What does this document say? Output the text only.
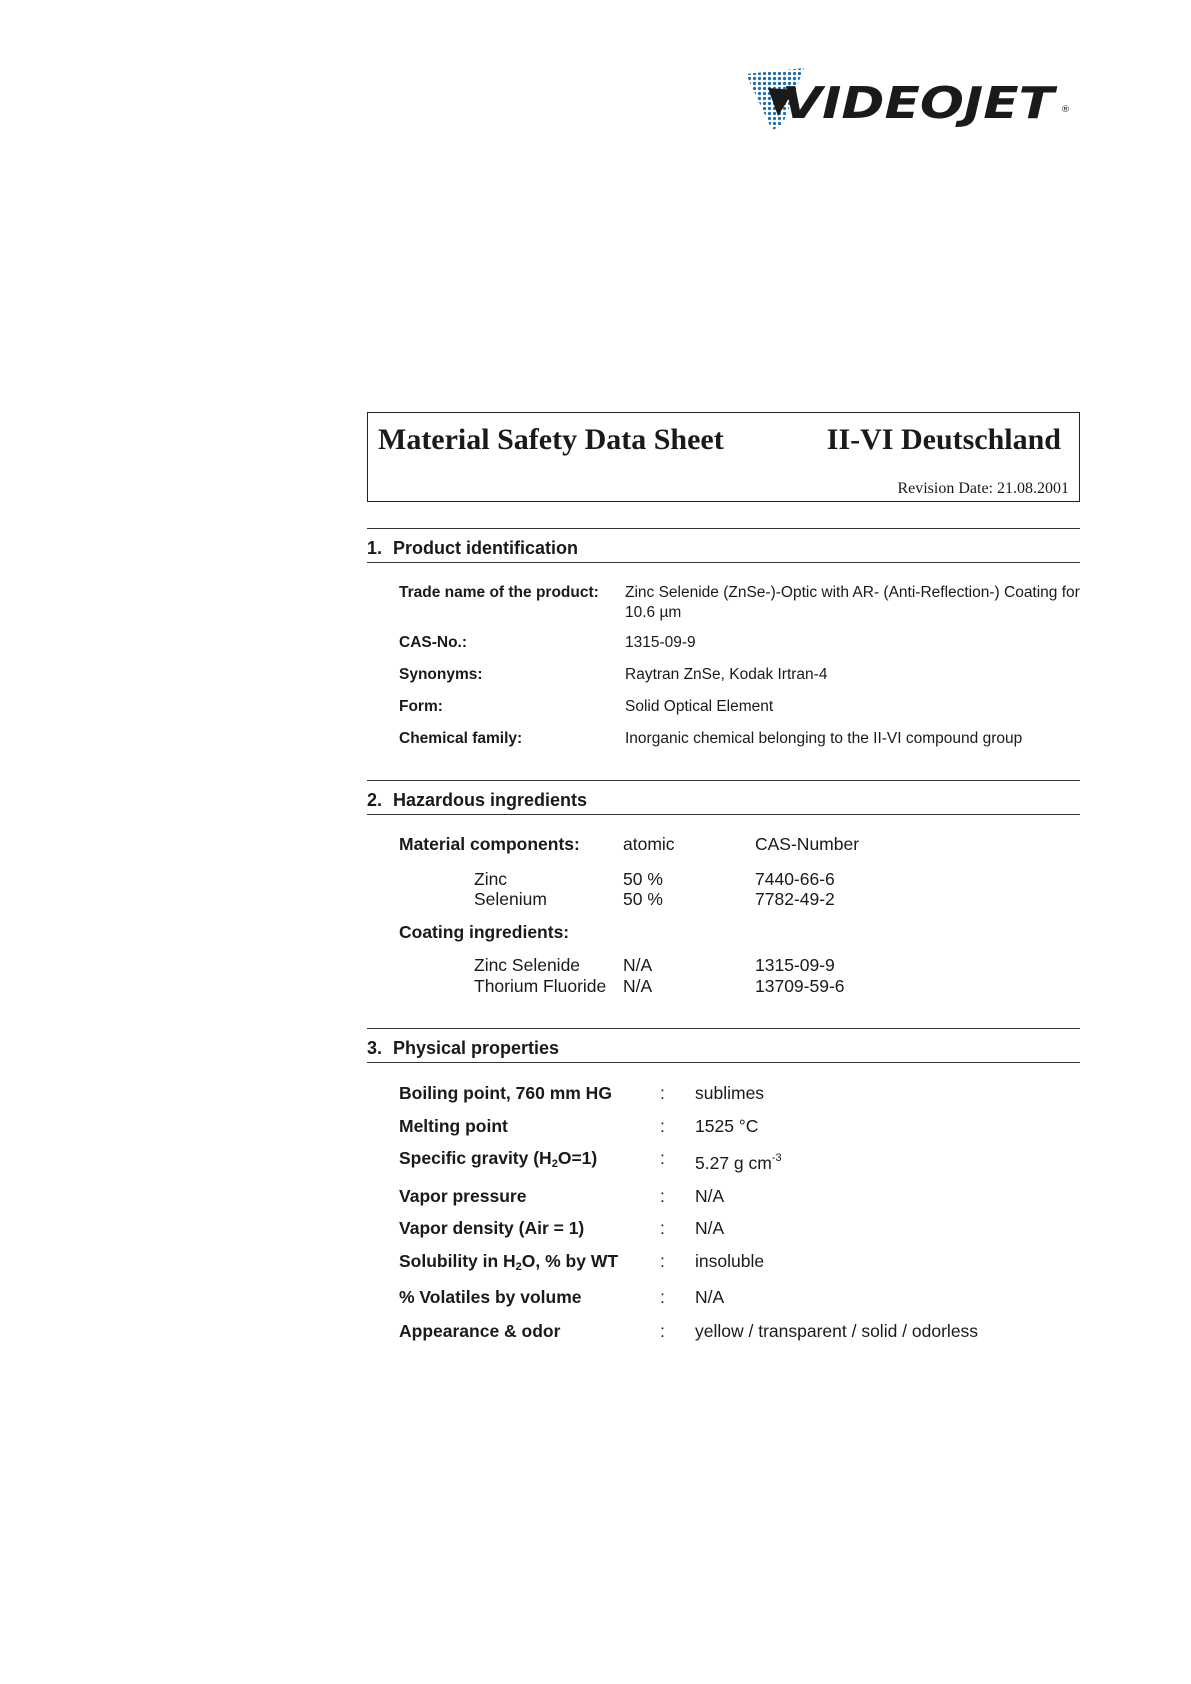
VIDEOJET ®
Material Safety Data Sheet	II-VI Deutschland
Revision Date: 21.08.2001
1. Product identification
Trade name of the product: Zinc Selenide (ZnSe-)-Optic with AR- (Anti-Reflection-) Coating for 10.6 µm
CAS-No.:	1315-09-9
Synonyms:	Raytran ZnSe, Kodak Irtran-4
Form:	Solid Optical Element
Chemical family:	Inorganic chemical belonging to the II-VI compound group
2. Hazardous ingredients
Material components: atomic	CAS-Number
Zinc	50 %	7440-66-6
Selenium	50 %	7782-49-2
Coating ingredients:
Zinc Selenide N/A	1315-09-9
Thorium Fluoride N/A	13709-59-6
3. Physical properties
Boiling point, 760 mm HG	: sublimes
Melting point	: 1525 °C
Specific gravity $(H_2O=1)$	: 5.27 g $cm^{-3}$
Vapor pressure	: N/A
Vapor density (Air = 1)	: N/A
Solubility in $H_2O$, % by WT : insoluble
% Volatiles by volume	: N/A
Appearance & odor	: yellow / transparent / solid / odorless
